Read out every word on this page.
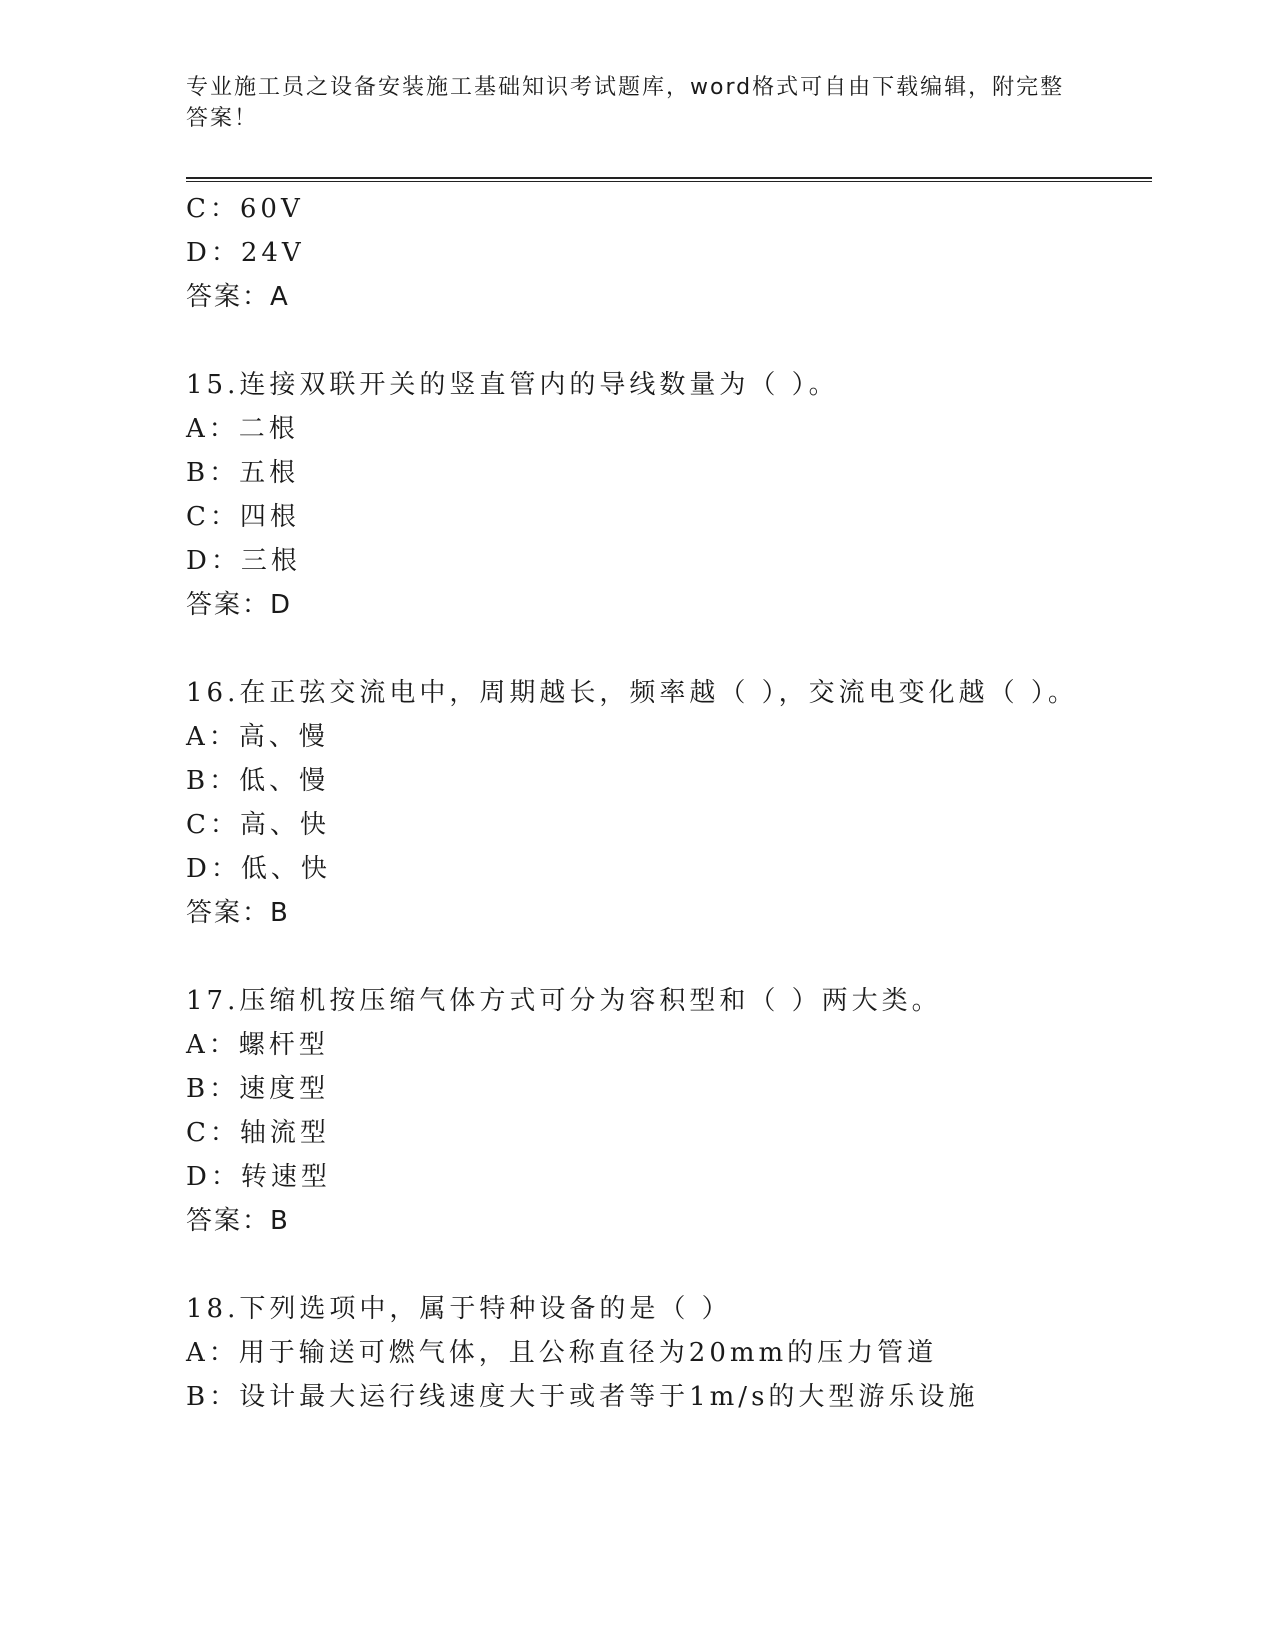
专业施工员之设备安装施工基础知识考试题库，word格式可自由下载编辑，附完整答案！
C：60V
D：24V
答案：A
15.连接双联开关的竖直管内的导线数量为（ ）。
A：二根
B：五根
C：四根
D：三根
答案：D
16.在正弦交流电中，周期越长，频率越（ ），交流电变化越（ ）。
A：高、慢
B：低、慢
C：高、快
D：低、快
答案：B
17.压缩机按压缩气体方式可分为容积型和（ ）两大类。
A：螺杆型
B：速度型
C：轴流型
D：转速型
答案：B
18.下列选项中，属于特种设备的是（ ）
A：用于输送可燃气体，且公称直径为20mm的压力管道
B：设计最大运行线速度大于或者等于1m/s的大型游乐设施
